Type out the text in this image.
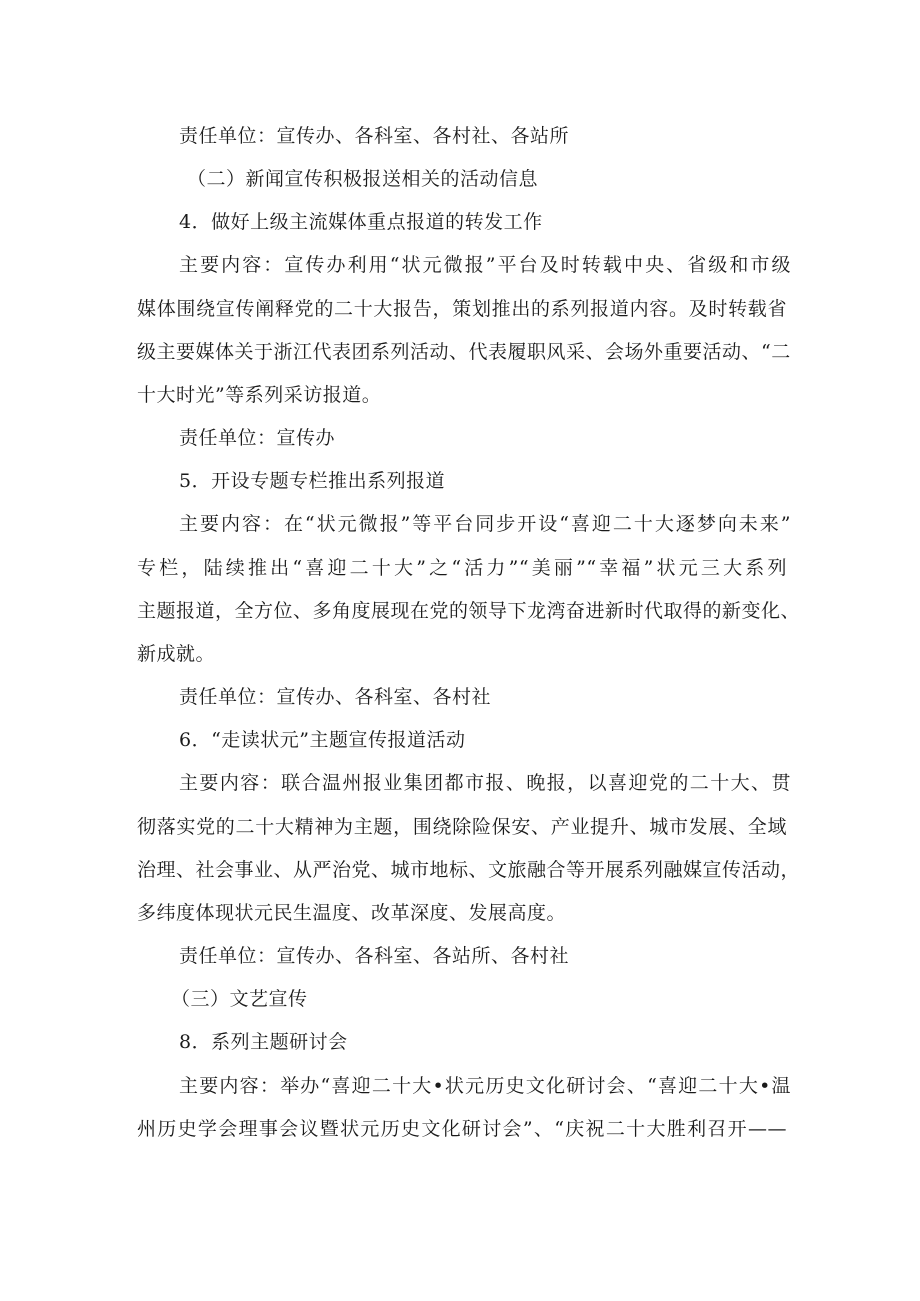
责任单位：宣传办、各科室、各村社、各站所
（二）新闻宣传积极报送相关的活动信息
4．做好上级主流媒体重点报道的转发工作
主要内容：宣传办利用“状元微报”平台及时转载中央、省级和市级
媒体围绕宣传阐释党的二十大报告，策划推出的系列报道内容。及时转载省
级主要媒体关于浙江代表团系列活动、代表履职风采、会场外重要活动、“二
十大时光”等系列采访报道。
责任单位：宣传办
5．开设专题专栏推出系列报道
主要内容：在“状元微报”等平台同步开设“喜迎二十大逐梦向未来”
专栏，陆续推出“喜迎二十大”之“活力”“美丽”“幸福”状元三大系列
主题报道，全方位、多角度展现在党的领导下龙湾奋进新时代取得的新变化、
新成就。
责任单位：宣传办、各科室、各村社
6．“走读状元”主题宣传报道活动
主要内容：联合温州报业集团都市报、晚报，以喜迎党的二十大、贯
彻落实党的二十大精神为主题，围绕除险保安、产业提升、城市发展、全域
治理、社会事业、从严治党、城市地标、文旅融合等开展系列融媒宣传活动，
多纬度体现状元民生温度、改革深度、发展高度。
责任单位：宣传办、各科室、各站所、各村社
（三）文艺宣传
8．系列主题研讨会
主要内容：举办“喜迎二十大•状元历史文化研讨会、“喜迎二十大•温
州历史学会理事会议暨状元历史文化研讨会”、“庆祝二十大胜利召开——
